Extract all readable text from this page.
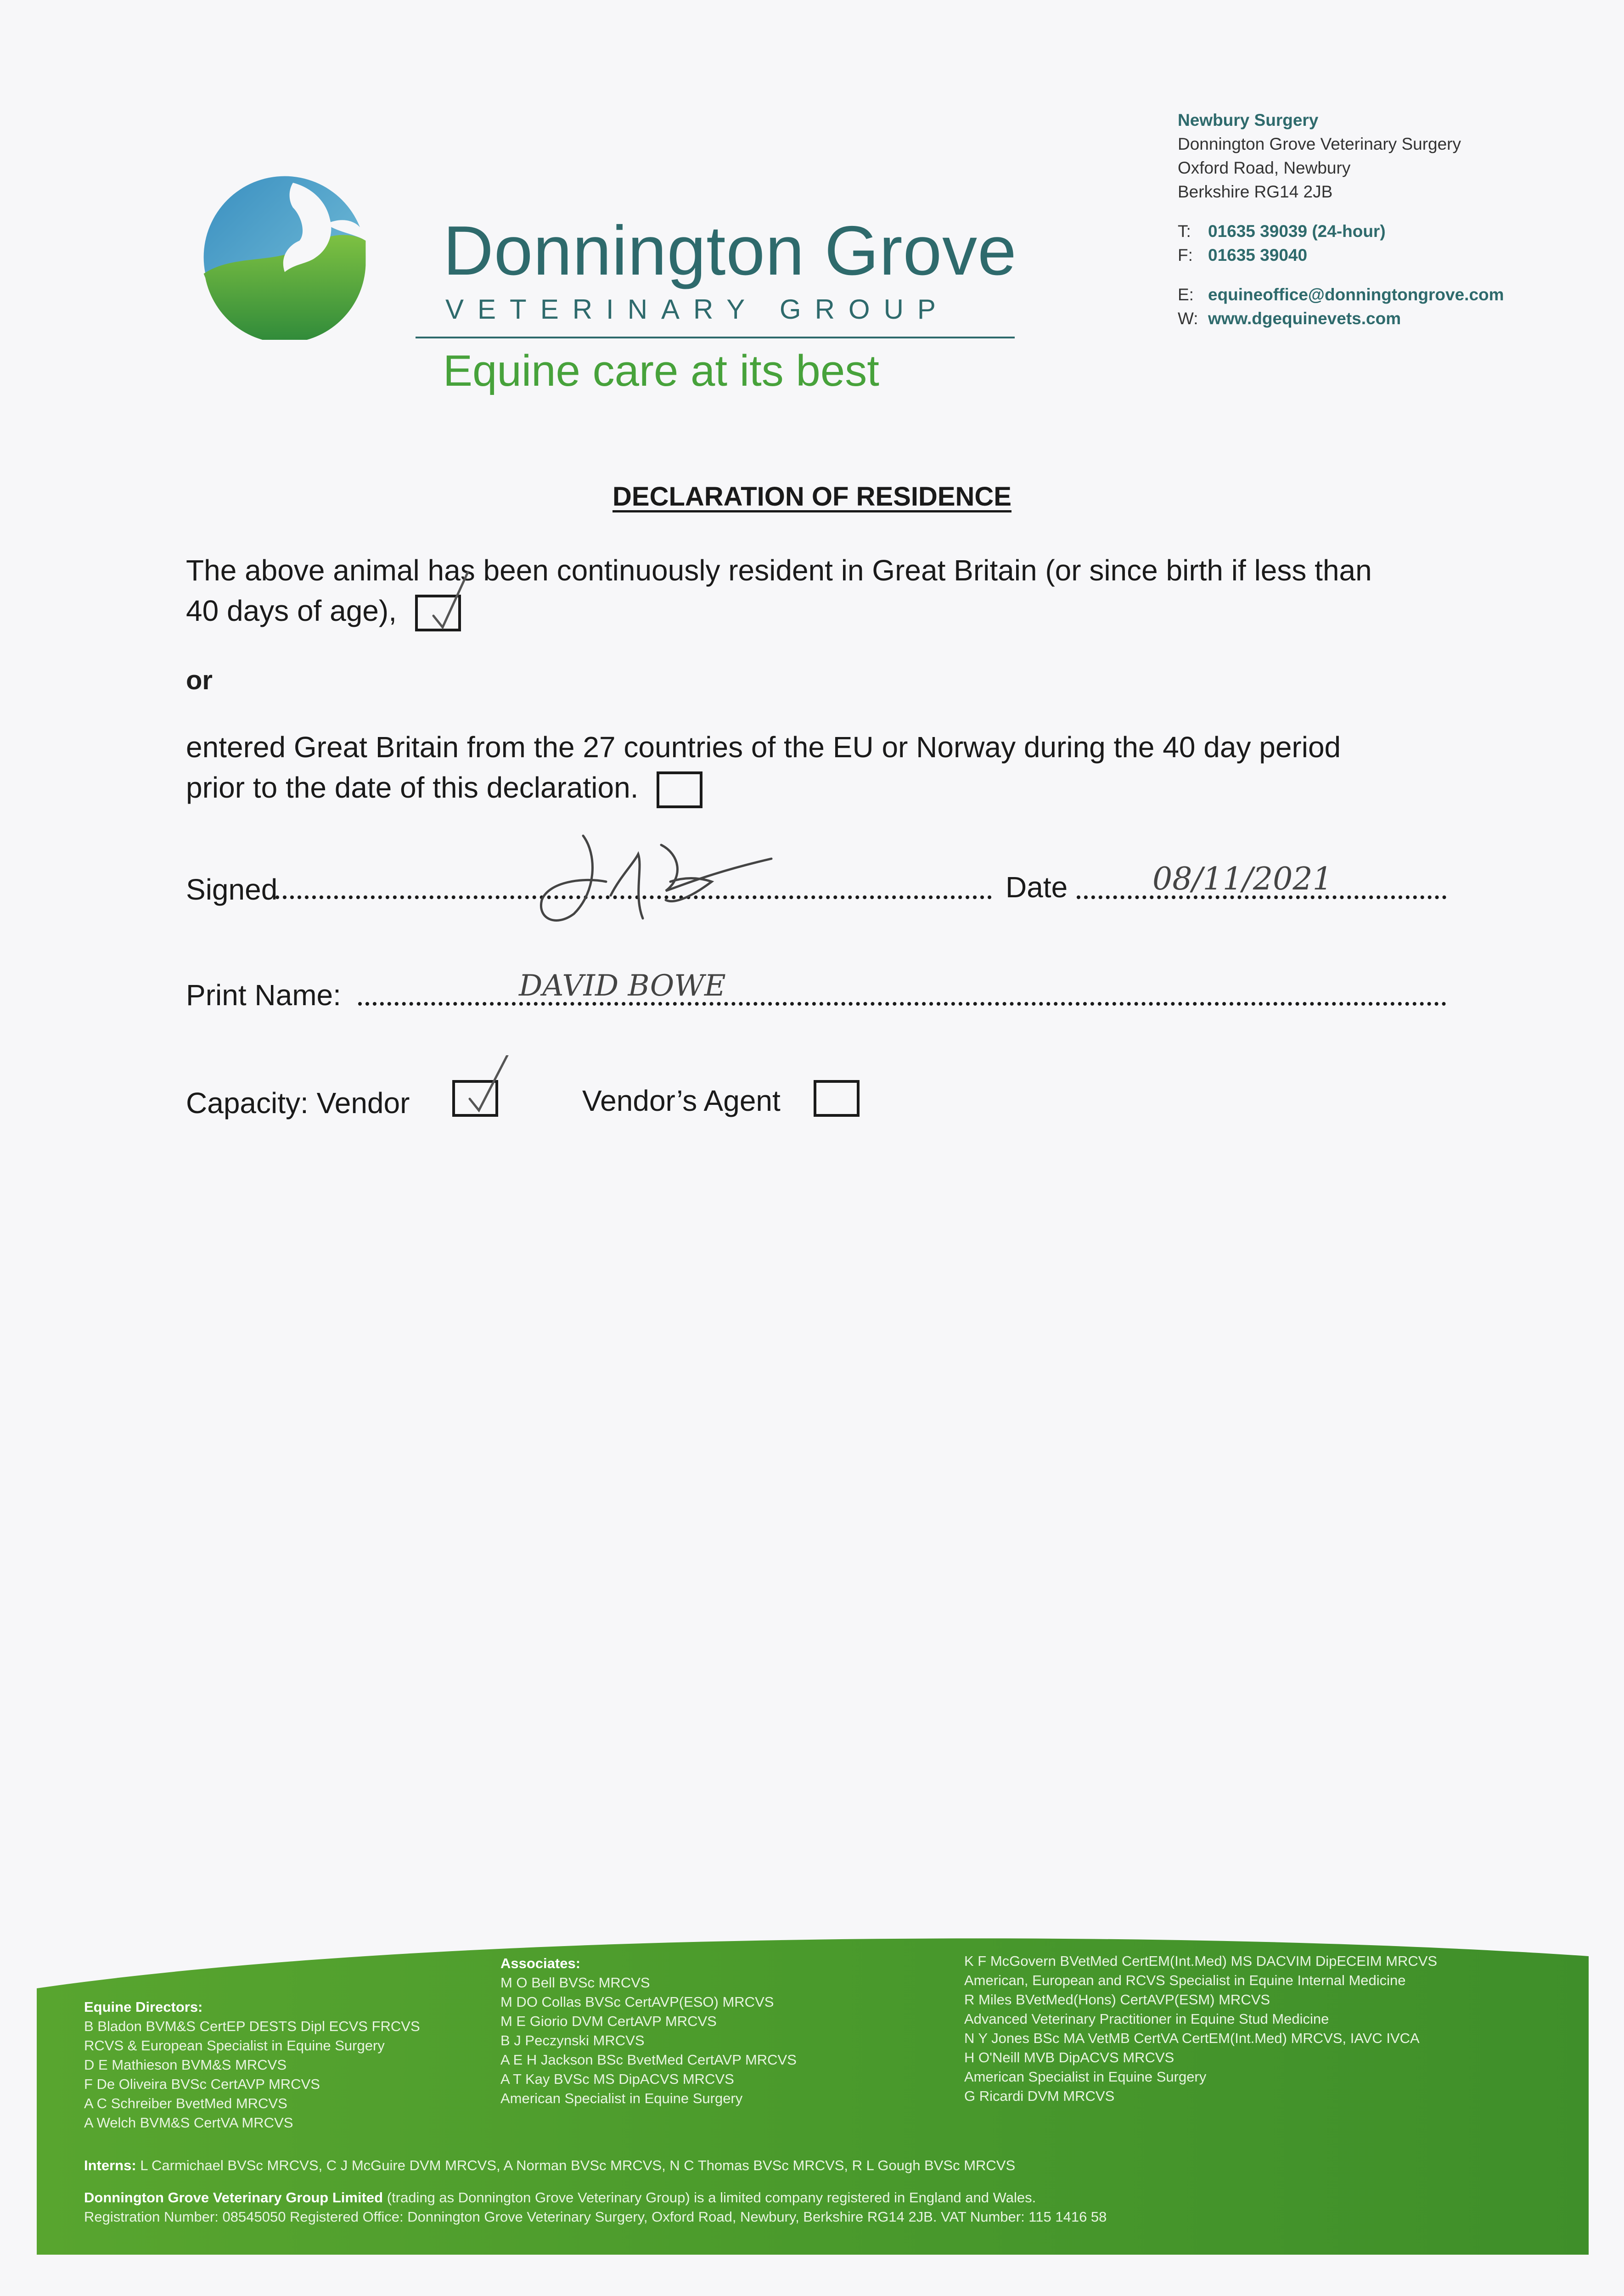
Donnington Grove
VETERINARY GROUP
Equine care at its best
Newbury Surgery
Donnington Grove Veterinary Surgery
Oxford Road, Newbury
Berkshire RG14 2JB
T: 01635 39039 (24-hour)
F: 01635 39040
E: equineoffice@donningtongrove.com
W: www.dgequinevets.com
DECLARATION OF RESIDENCE
The above animal has been continuously resident in Great Britain (or since birth if less than
40 days of age),
or
entered Great Britain from the 27 countries of the EU or Norway during the 40 day period
prior to the date of this declaration.
Signed	Date	08/11/2021
Print Name:	DAVID BOWE
Capacity: Vendor	Vendor’s Agent
Equine Directors:
B Bladon BVM&S CertEP DESTS Dipl ECVS FRCVS
RCVS & European Specialist in Equine Surgery
D E Mathieson BVM&S MRCVS
F De Oliveira BVSc CertAVP MRCVS
A C Schreiber BvetMed MRCVS
A Welch BVM&S CertVA MRCVS
Associates:
M O Bell BVSc MRCVS
M DO Collas BVSc CertAVP(ESO) MRCVS
M E Giorio DVM CertAVP MRCVS
B J Peczynski MRCVS
A E H Jackson BSc BvetMed CertAVP MRCVS
A T Kay BVSc MS DipACVS MRCVS
American Specialist in Equine Surgery
K F McGovern BVetMed CertEM(Int.Med) MS DACVIM DipECEIM MRCVS
American, European and RCVS Specialist in Equine Internal Medicine
R Miles BVetMed(Hons) CertAVP(ESM) MRCVS
Advanced Veterinary Practitioner in Equine Stud Medicine
N Y Jones BSc MA VetMB CertVA CertEM(Int.Med) MRCVS, IAVC IVCA
H O'Neill MVB DipACVS MRCVS
American Specialist in Equine Surgery
G Ricardi DVM MRCVS
Interns: L Carmichael BVSc MRCVS, C J McGuire DVM MRCVS, A Norman BVSc MRCVS, N C Thomas BVSc MRCVS, R L Gough BVSc MRCVS
Donnington Grove Veterinary Group Limited (trading as Donnington Grove Veterinary Group) is a limited company registered in England and Wales.
Registration Number: 08545050 Registered Office: Donnington Grove Veterinary Surgery, Oxford Road, Newbury, Berkshire RG14 2JB. VAT Number: 115 1416 58
